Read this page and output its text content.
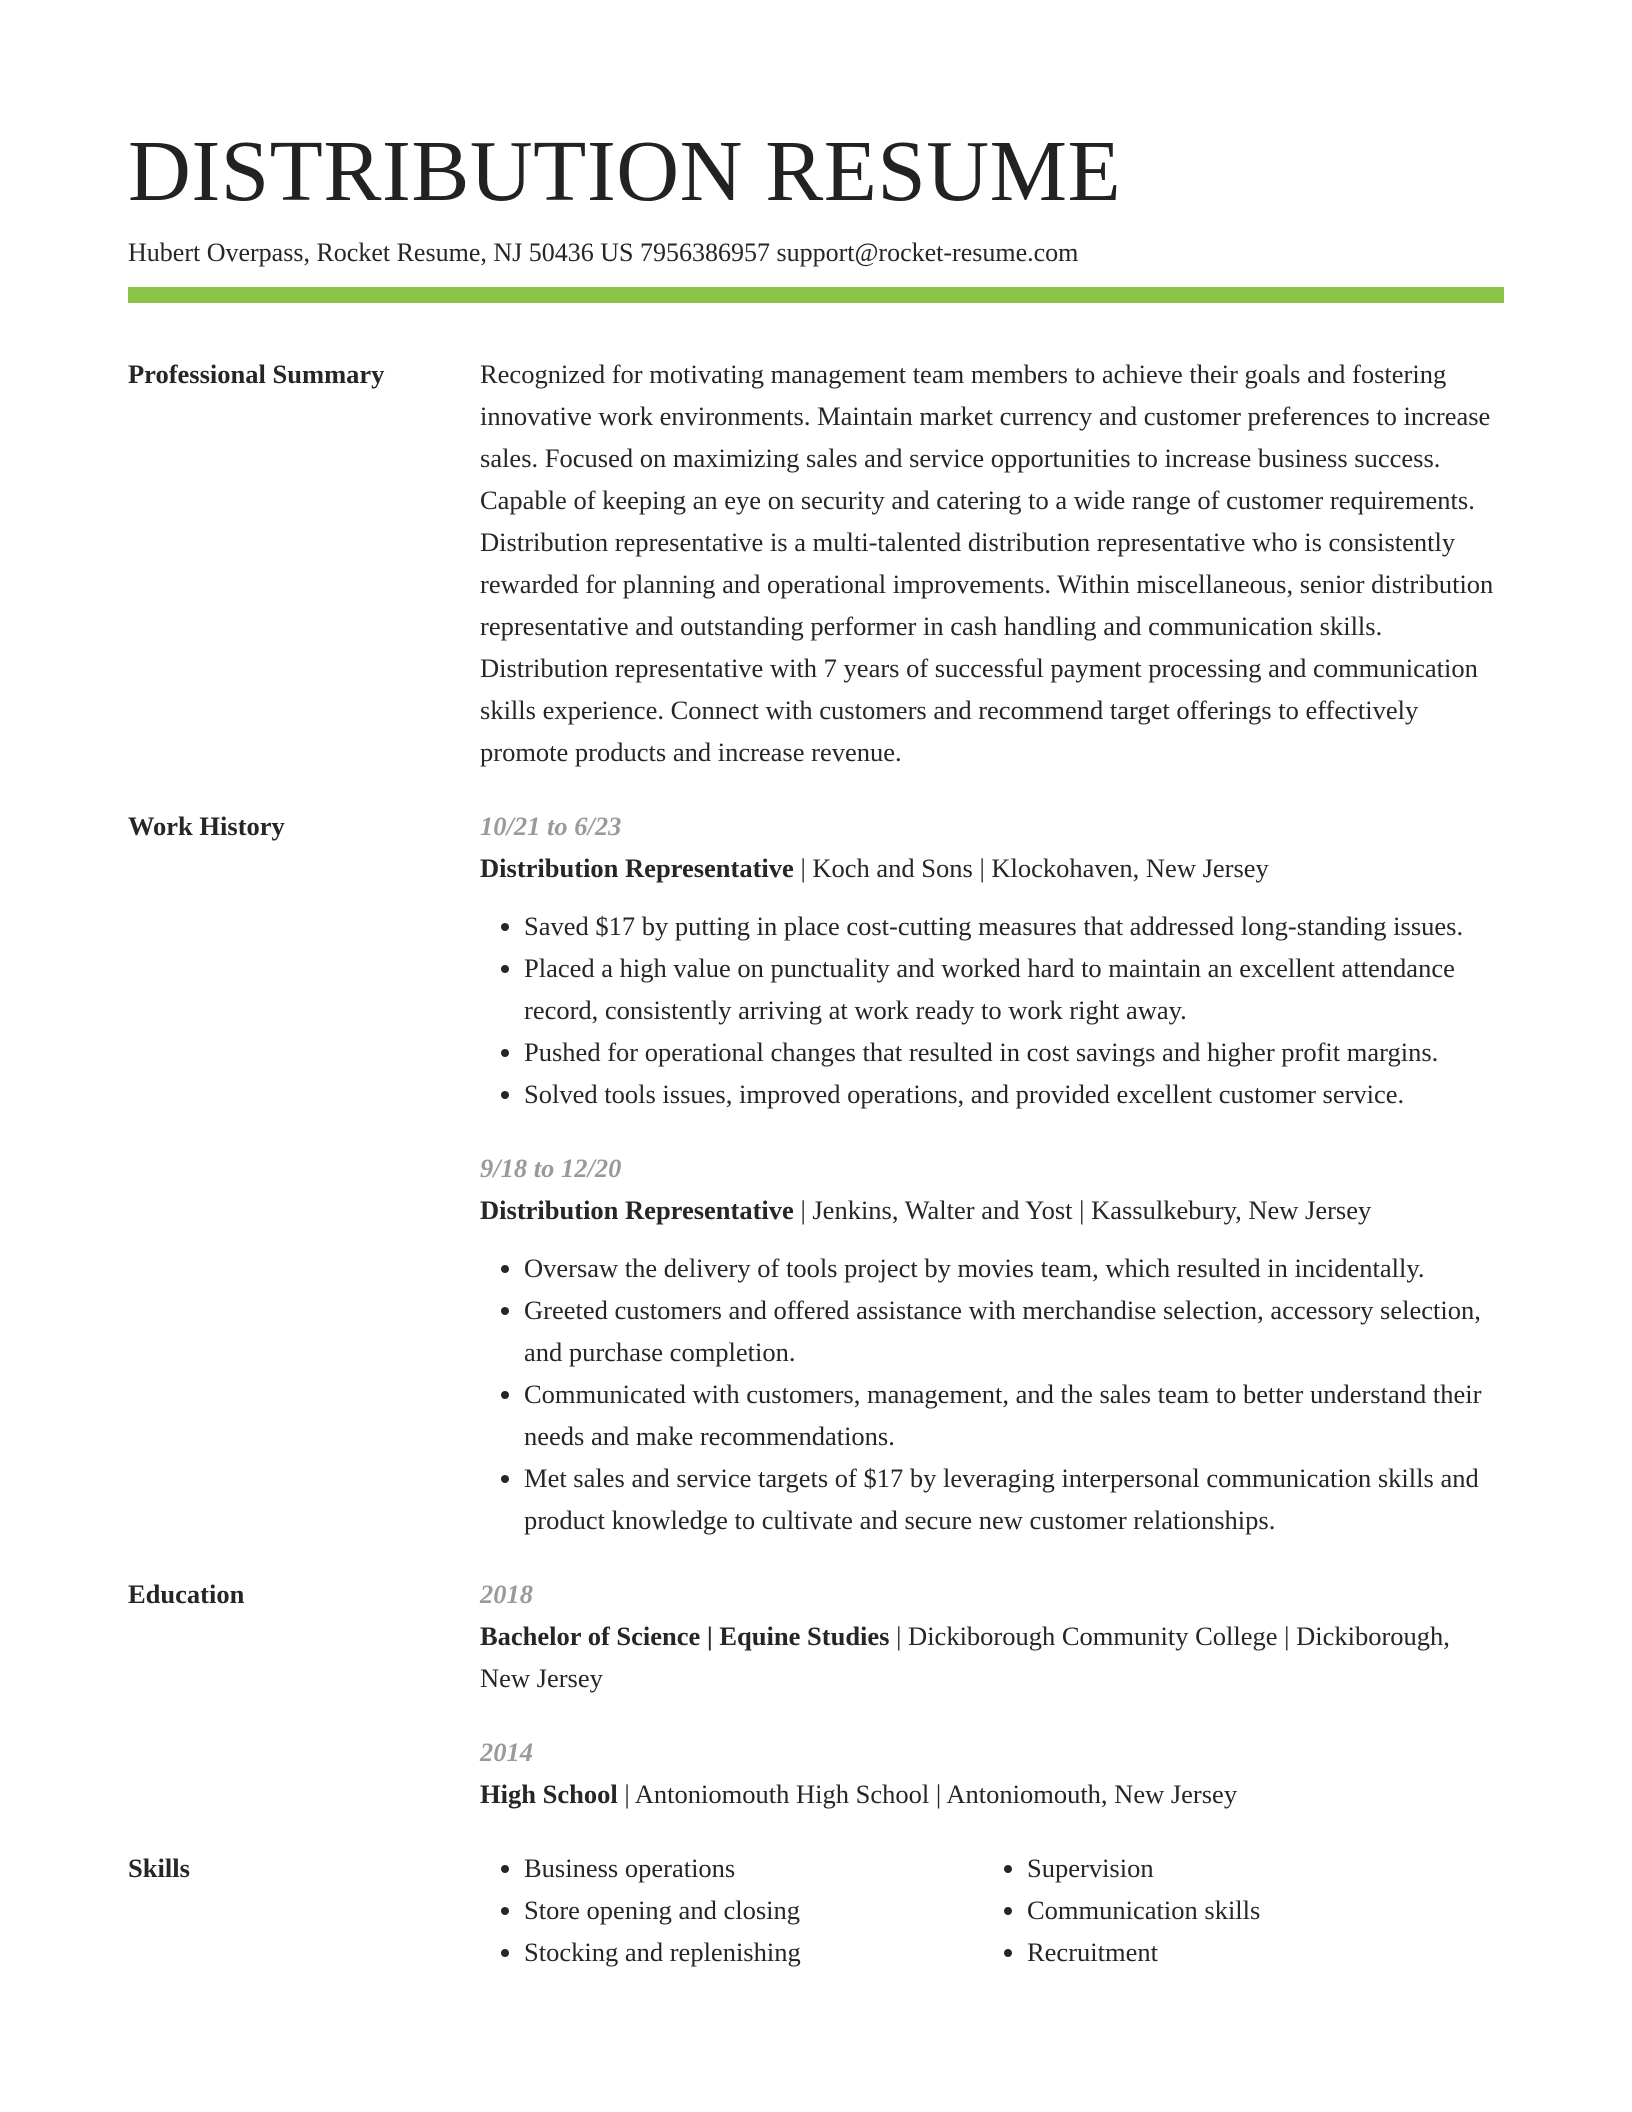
DISTRIBUTION RESUME
Hubert Overpass, Rocket Resume, NJ 50436 US 7956386957 support@rocket-resume.com
Professional Summary	Recognized for motivating management team members to achieve their goals and fostering innovative work environments. Maintain market currency and customer preferences to increase sales. Focused on maximizing sales and service opportunities to increase business success. Capable of keeping an eye on security and catering to a wide range of customer requirements. Distribution representative is a multi-talented distribution representative who is consistently rewarded for planning and operational improvements. Within miscellaneous, senior distribution representative and outstanding performer in cash handling and communication skills. Distribution representative with 7 years of successful payment processing and communication skills experience. Connect with customers and recommend target offerings to effectively promote products and increase revenue.
Work History	10/21 to 6/23
Distribution Representative | Koch and Sons | Klockohaven, New Jersey
• Saved $17 by putting in place cost-cutting measures that addressed long-standing issues.
• Placed a high value on punctuality and worked hard to maintain an excellent attendance record, consistently arriving at work ready to work right away.
• Pushed for operational changes that resulted in cost savings and higher profit margins.
• Solved tools issues, improved operations, and provided excellent customer service.
9/18 to 12/20
Distribution Representative | Jenkins, Walter and Yost | Kassulkebury, New Jersey
• Oversaw the delivery of tools project by movies team, which resulted in incidentally.
• Greeted customers and offered assistance with merchandise selection, accessory selection, and purchase completion.
• Communicated with customers, management, and the sales team to better understand their needs and make recommendations.
• Met sales and service targets of $17 by leveraging interpersonal communication skills and product knowledge to cultivate and secure new customer relationships.
Education	2018
Bachelor of Science | Equine Studies | Dickiborough Community College | Dickiborough, New Jersey
2014
High School | Antoniomouth High School | Antoniomouth, New Jersey
Skills
•	Business operations
• Store opening and closing
• Stocking and replenishing
• Supervision
• Communication skills
• Recruitment
